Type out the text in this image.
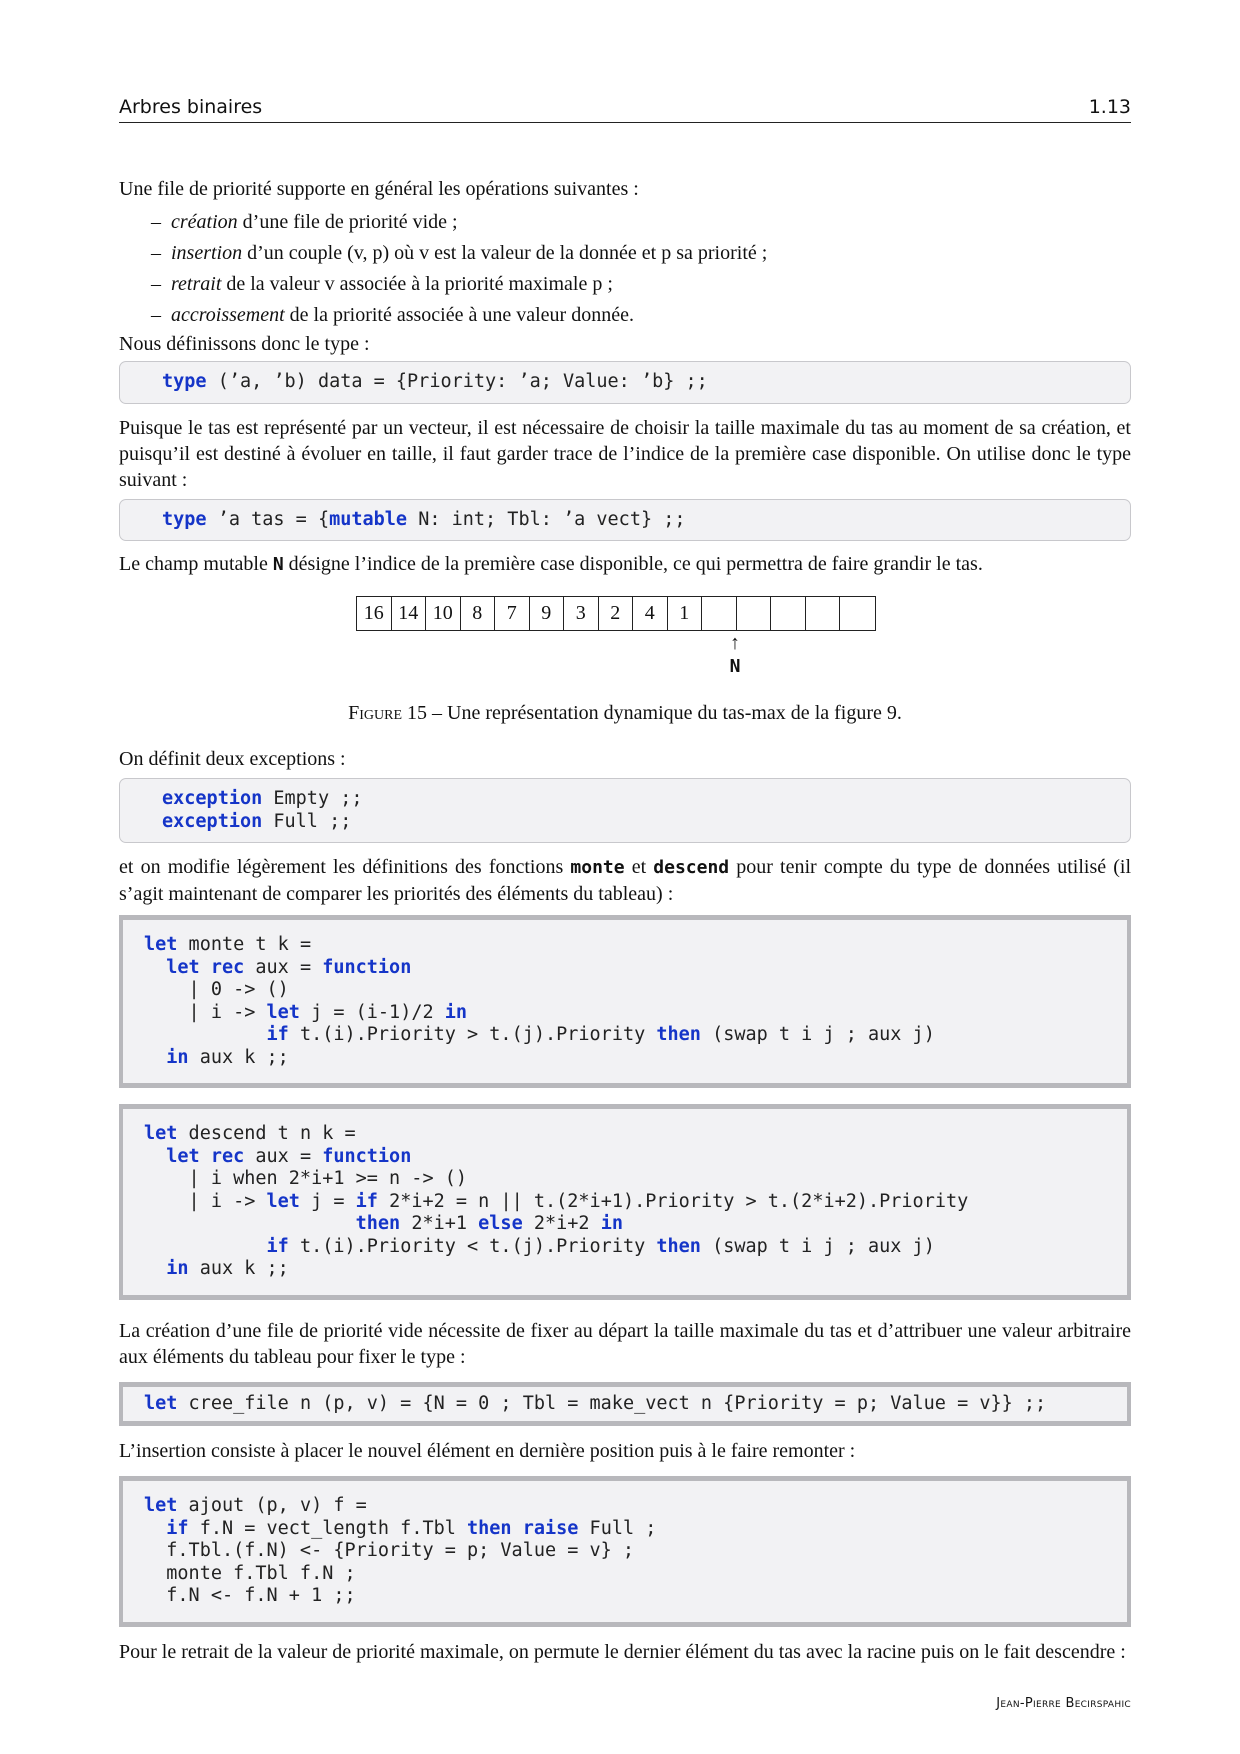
Arbres binaires	1.13

Une file de priorité supporte en général les opérations suivantes :

– création d’une file de priorité vide ;
– insertion d’un couple (v, p) où v est la valeur de la donnée et p sa priorité ;
– retrait de la valeur v associée à la priorité maximale p ;
– accroissement de la priorité associée à une valeur donnée.

Nous définissons donc le type :

type (’a, ’b) data = {Priority: ’a; Value: ’b} ;;

Puisque le tas est représenté par un vecteur, il est nécessaire de choisir la taille maximale du tas au moment de sa création, et puisqu’il est destiné à évoluer en taille, il faut garder trace de l’indice de la première case disponible. On utilise donc le type suivant :

type ’a tas = {mutable N: int; Tbl: ’a vect} ;;

Le champ mutable N désigne l’indice de la première case disponible, ce qui permettra de faire grandir le tas.

16 14 10 8	7	9	3	2	4	1
↑
N
Figure 15 – Une représentation dynamique du tas-max de la figure 9.

On définit deux exceptions :

exception Empty ;;
exception Full ;;

et on modifie légèrement les définitions des fonctions monte et descend pour tenir compte du type de données utilisé (il s’agit maintenant de comparer les priorités des éléments du tableau) :

let monte t k =
let rec aux = function
| 0 -> ()
| i -> let j = (i-1)/2 in
if t.(i).Priority > t.(j).Priority then (swap t i j ; aux j)
in aux k ;;
let descend t n k =
let rec aux = function
| i when 2*i+1 >= n -> ()
| i -> let j = if 2*i+2 = n || t.(2*i+1).Priority > t.(2*i+2).Priority
then 2*i+1 else 2*i+2 in
if t.(i).Priority < t.(j).Priority then (swap t i j ; aux j)
in aux k ;;

La création d’une file de priorité vide nécessite de fixer au départ la taille maximale du tas et d’attribuer une valeur arbitraire aux éléments du tableau pour fixer le type :

let cree_file n (p, v) = {N = 0 ; Tbl = make_vect n {Priority = p; Value = v}} ;;

L’insertion consiste à placer le nouvel élément en dernière position puis à le faire remonter :

let ajout (p, v) f =
if f.N = vect_length f.Tbl then raise Full ;
f.Tbl.(f.N) <- {Priority = p; Value = v} ;
monte f.Tbl f.N ;
f.N <- f.N + 1 ;;

Pour le retrait de la valeur de priorité maximale, on permute le dernier élément du tas avec la racine puis on le fait descendre :

Jean-Pierre Becirspahic
